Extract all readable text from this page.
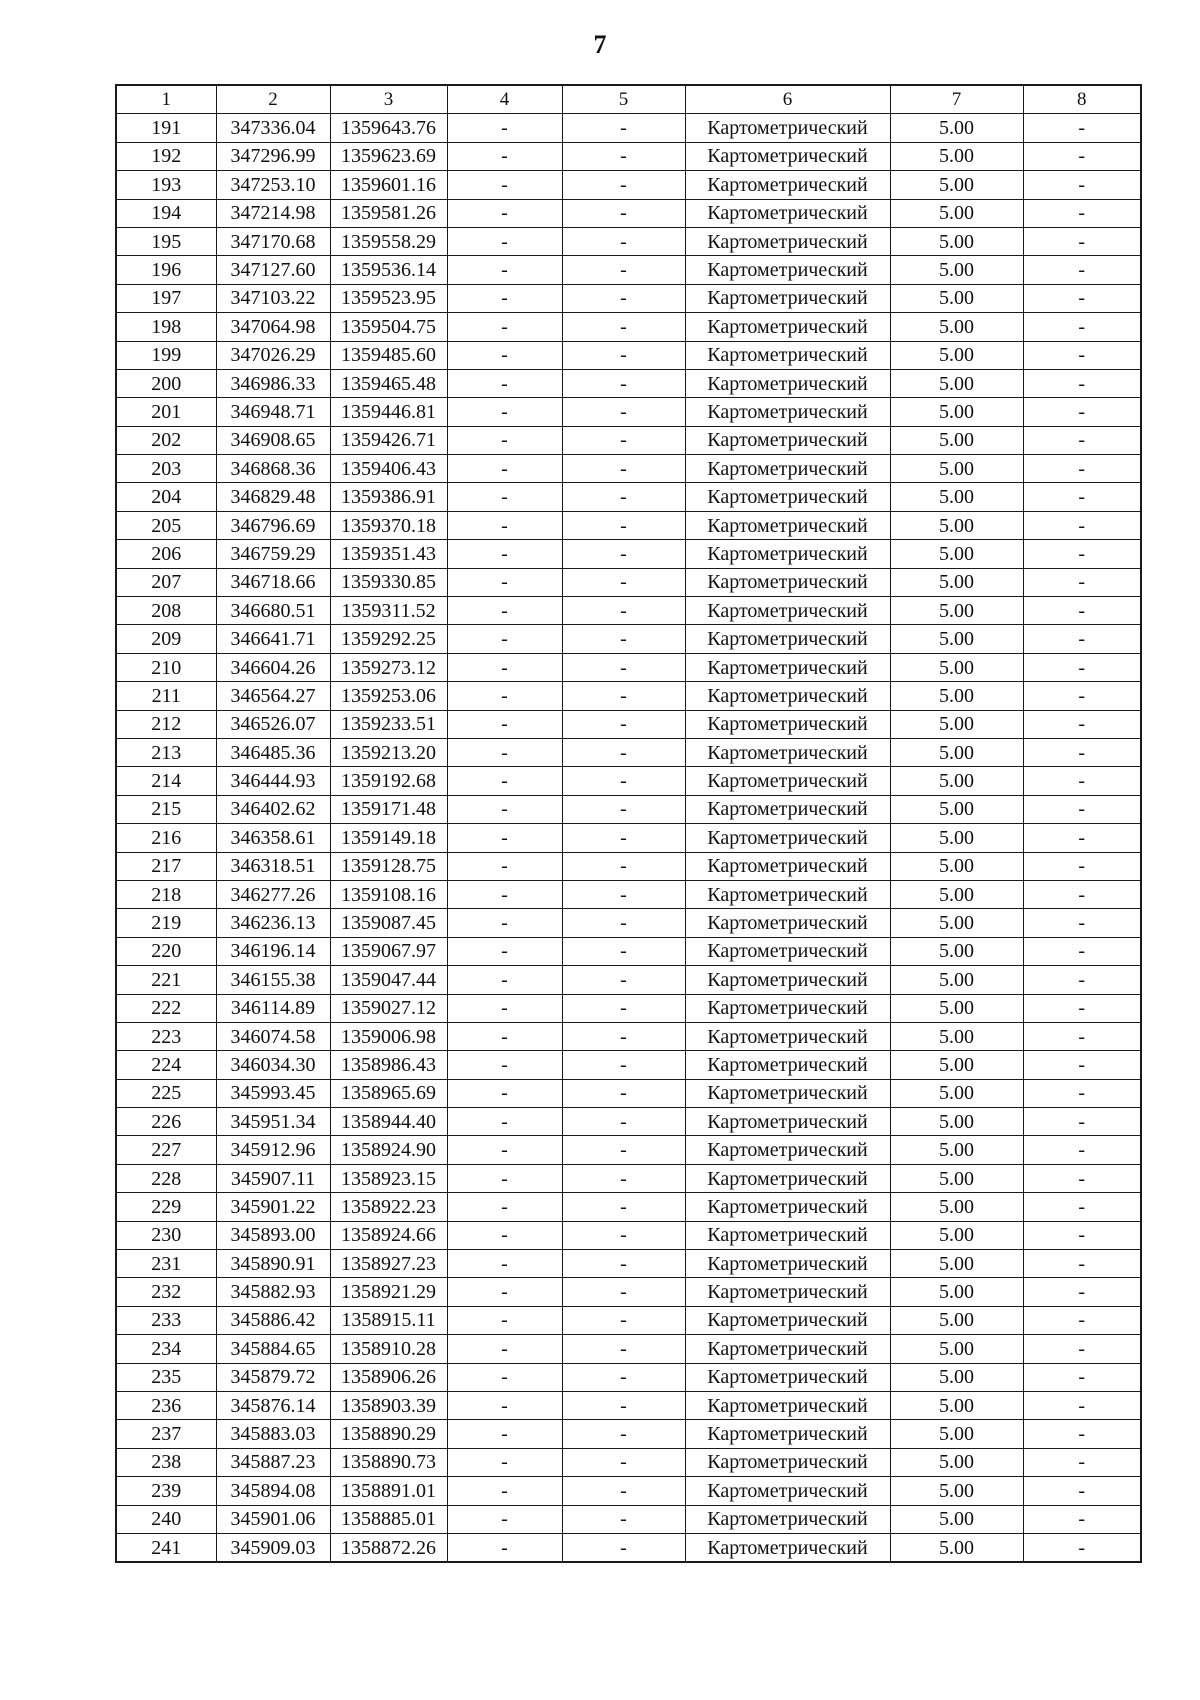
7
1	2	3	4	5	6	7	8
191	347336.04	1359643.76	-	-	Картометрический	5.00	-
192	347296.99	1359623.69	-	-	Картометрический	5.00	-
193	347253.10	1359601.16	-	-	Картометрический	5.00	-
194	347214.98	1359581.26	-	-	Картометрический	5.00	-
195	347170.68	1359558.29	-	-	Картометрический	5.00	-
196	347127.60	1359536.14	-	-	Картометрический	5.00	-
197	347103.22	1359523.95	-	-	Картометрический	5.00	-
198	347064.98	1359504.75	-	-	Картометрический	5.00	-
199	347026.29	1359485.60	-	-	Картометрический	5.00	-
200	346986.33	1359465.48	-	-	Картометрический	5.00	-
201	346948.71	1359446.81	-	-	Картометрический	5.00	-
202	346908.65	1359426.71	-	-	Картометрический	5.00	-
203	346868.36	1359406.43	-	-	Картометрический	5.00	-
204	346829.48	1359386.91	-	-	Картометрический	5.00	-
205	346796.69	1359370.18	-	-	Картометрический	5.00	-
206	346759.29	1359351.43	-	-	Картометрический	5.00	-
207	346718.66	1359330.85	-	-	Картометрический	5.00	-
208	346680.51	1359311.52	-	-	Картометрический	5.00	-
209	346641.71	1359292.25	-	-	Картометрический	5.00	-
210	346604.26	1359273.12	-	-	Картометрический	5.00	-
211	346564.27	1359253.06	-	-	Картометрический	5.00	-
212	346526.07	1359233.51	-	-	Картометрический	5.00	-
213	346485.36	1359213.20	-	-	Картометрический	5.00	-
214	346444.93	1359192.68	-	-	Картометрический	5.00	-
215	346402.62	1359171.48	-	-	Картометрический	5.00	-
216	346358.61	1359149.18	-	-	Картометрический	5.00	-
217	346318.51	1359128.75	-	-	Картометрический	5.00	-
218	346277.26	1359108.16	-	-	Картометрический	5.00	-
219	346236.13	1359087.45	-	-	Картометрический	5.00	-
220	346196.14	1359067.97	-	-	Картометрический	5.00	-
221	346155.38	1359047.44	-	-	Картометрический	5.00	-
222	346114.89	1359027.12	-	-	Картометрический	5.00	-
223	346074.58	1359006.98	-	-	Картометрический	5.00	-
224	346034.30	1358986.43	-	-	Картометрический	5.00	-
225	345993.45	1358965.69	-	-	Картометрический	5.00	-
226	345951.34	1358944.40	-	-	Картометрический	5.00	-
227	345912.96	1358924.90	-	-	Картометрический	5.00	-
228	345907.11	1358923.15	-	-	Картометрический	5.00	-
229	345901.22	1358922.23	-	-	Картометрический	5.00	-
230	345893.00	1358924.66	-	-	Картометрический	5.00	-
231	345890.91	1358927.23	-	-	Картометрический	5.00	-
232	345882.93	1358921.29	-	-	Картометрический	5.00	-
233	345886.42	1358915.11	-	-	Картометрический	5.00	-
234	345884.65	1358910.28	-	-	Картометрический	5.00	-
235	345879.72	1358906.26	-	-	Картометрический	5.00	-
236	345876.14	1358903.39	-	-	Картометрический	5.00	-
237	345883.03	1358890.29	-	-	Картометрический	5.00	-
238	345887.23	1358890.73	-	-	Картометрический	5.00	-
239	345894.08	1358891.01	-	-	Картометрический	5.00	-
240	345901.06	1358885.01	-	-	Картометрический	5.00	-
241	345909.03	1358872.26	-	-	Картометрический	5.00	-
